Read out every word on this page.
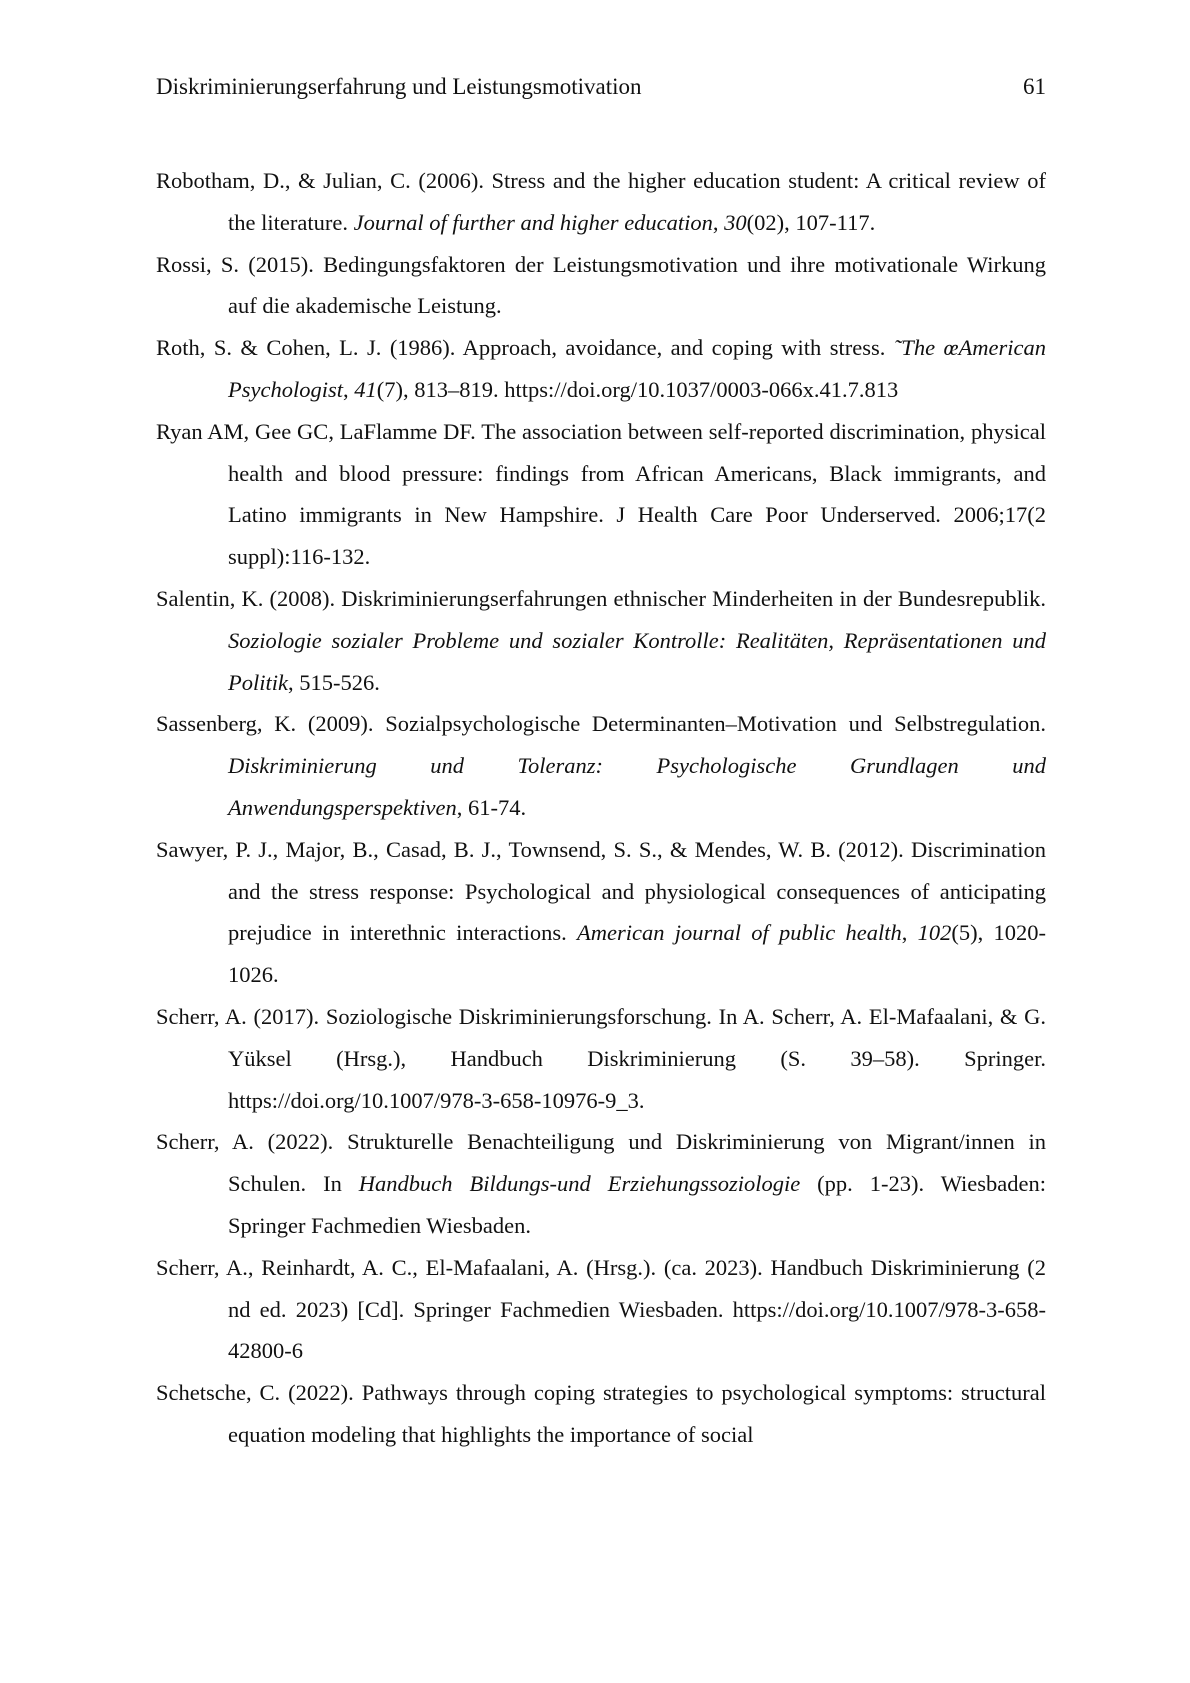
Diskriminierungserfahrung und Leistungsmotivation	61

Robotham, D., & Julian, C. (2006). Stress and the higher education student: A critical review of the literature. Journal of further and higher education, 30(02), 107-117.

Rossi, S. (2015). Bedingungsfaktoren der Leistungsmotivation und ihre motivationale Wirkung auf die akademische Leistung.

Roth, S. & Cohen, L. J. (1986). Approach, avoidance, and coping with stress. ˜The œAmerican Psychologist, 41(7), 813–819. https://doi.org/10.1037/0003-066x.41.7.813

Ryan AM, Gee GC, LaFlamme DF. The association between self-reported discrimination, physical health and blood pressure: findings from African Americans, Black immigrants, and Latino immigrants in New Hampshire. J Health Care Poor Underserved. 2006;17(2 suppl):116-132.

Salentin, K. (2008). Diskriminierungserfahrungen ethnischer Minderheiten in der Bundesrepublik. Soziologie sozialer Probleme und sozialer Kontrolle: Realitäten, Repräsentationen und Politik, 515-526.

Sassenberg, K. (2009). Sozialpsychologische Determinanten–Motivation und Selbstregulation. Diskriminierung und Toleranz: Psychologische Grundlagen und Anwendungsperspektiven, 61-74.

Sawyer, P. J., Major, B., Casad, B. J., Townsend, S. S., & Mendes, W. B. (2012). Discrimination and the stress response: Psychological and physiological consequences of anticipating prejudice in interethnic interactions. American journal of public health, 102(5), 1020-1026.

Scherr, A. (2017). Soziologische Diskriminierungsforschung. In A. Scherr, A. El-Mafaalani, & G. Yüksel (Hrsg.), Handbuch Diskriminierung (S. 39–58). Springer. https://doi.org/10.1007/978-3-658-10976-9_3.

Scherr, A. (2022). Strukturelle Benachteiligung und Diskriminierung von Migrant/innen in Schulen. In Handbuch Bildungs-und Erziehungssoziologie (pp. 1-23). Wiesbaden: Springer Fachmedien Wiesbaden.

Scherr, A., Reinhardt, A. C., El-Mafaalani, A. (Hrsg.). (ca. 2023). Handbuch Diskriminierung (2 nd ed. 2023) [Cd]. Springer Fachmedien Wiesbaden. https://doi.org/10.1007/978-3-658-42800-6

Schetsche, C. (2022). Pathways through coping strategies to psychological symptoms: structural equation modeling that highlights the importance of social
